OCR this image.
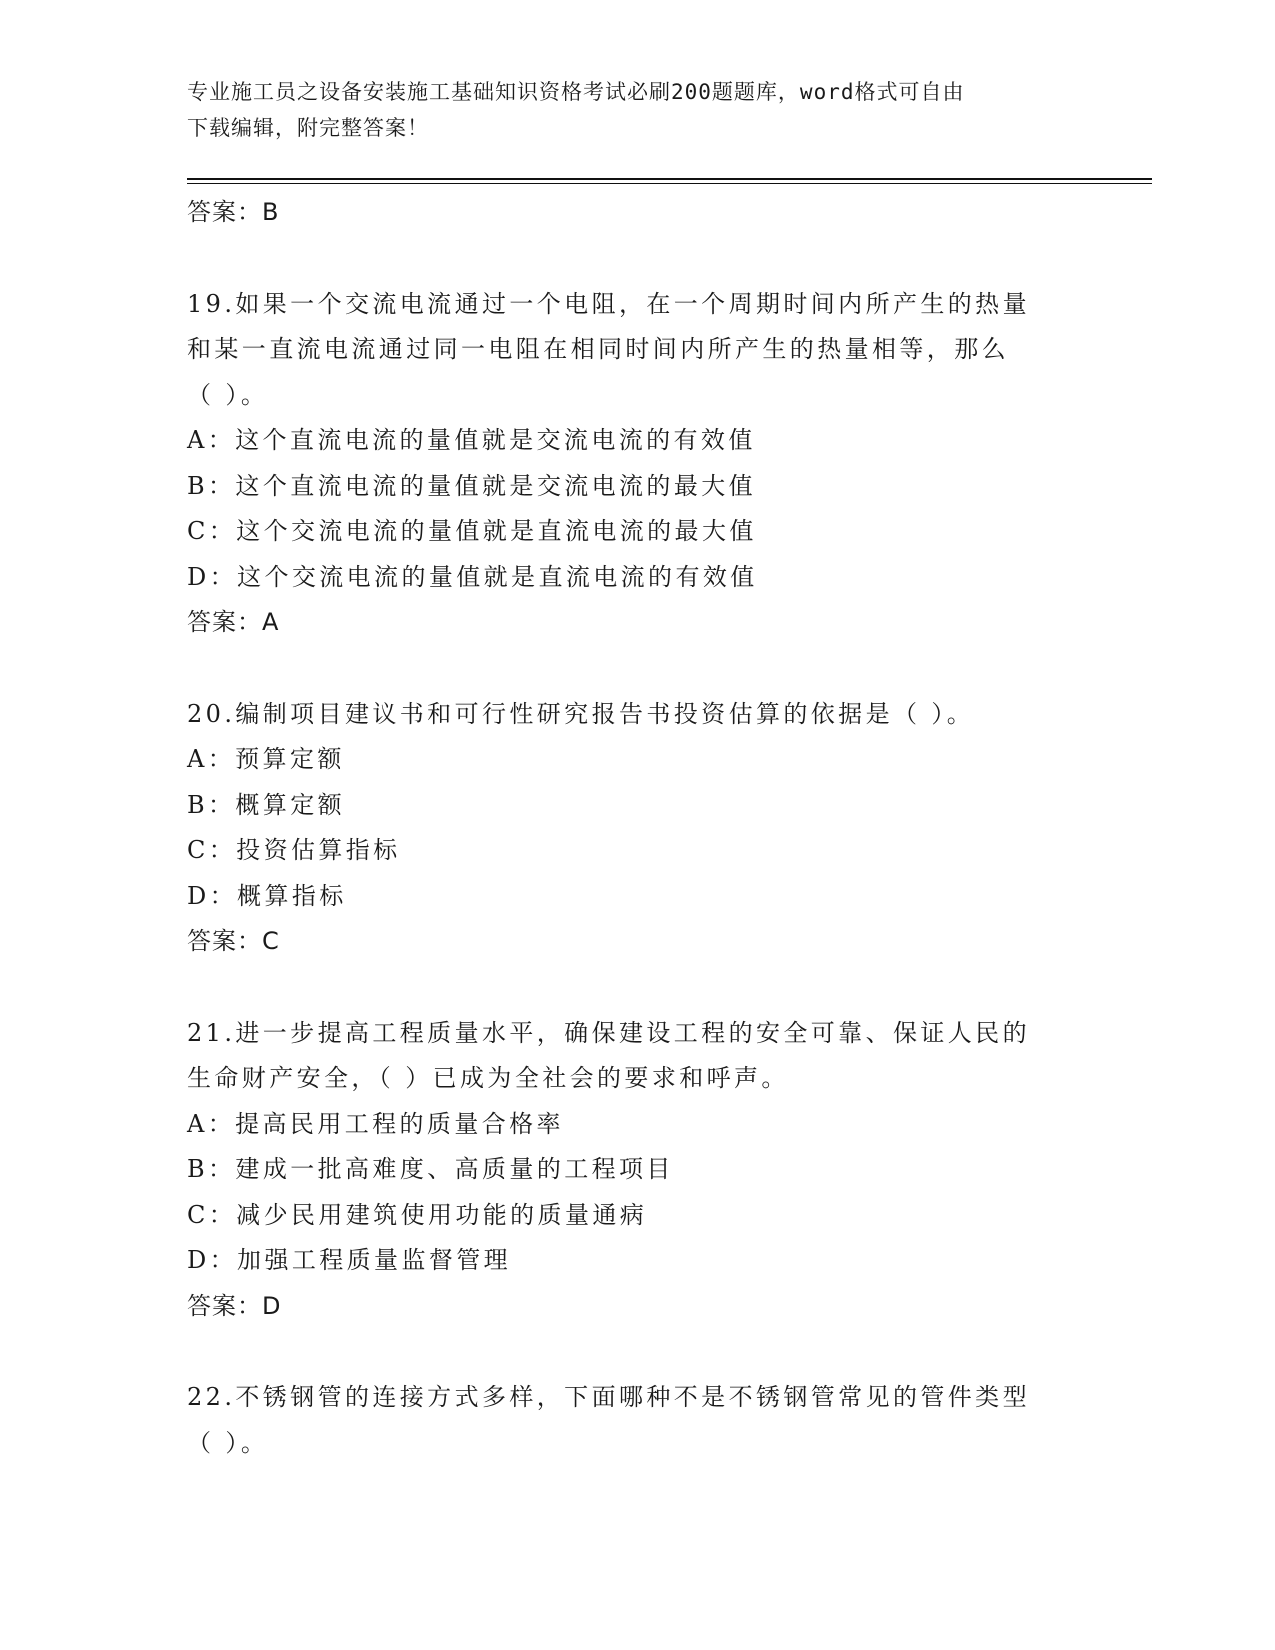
专业施工员之设备安装施工基础知识资格考试必刷200题题库，word格式可自由
下载编辑，附完整答案！
答案：B
19.如果一个交流电流通过一个电阻，在一个周期时间内所产生的热量
和某一直流电流通过同一电阻在相同时间内所产生的热量相等，那么
（ ）。
A：这个直流电流的量值就是交流电流的有效值
B：这个直流电流的量值就是交流电流的最大值
C：这个交流电流的量值就是直流电流的最大值
D：这个交流电流的量值就是直流电流的有效值
答案：A
20.编制项目建议书和可行性研究报告书投资估算的依据是（ ）。
A：预算定额
B：概算定额
C：投资估算指标
D：概算指标
答案：C
21.进一步提高工程质量水平，确保建设工程的安全可靠、保证人民的
生命财产安全，（ ）已成为全社会的要求和呼声。
A：提高民用工程的质量合格率
B：建成一批高难度、高质量的工程项目
C：减少民用建筑使用功能的质量通病
D：加强工程质量监督管理
答案：D
22.不锈钢管的连接方式多样，下面哪种不是不锈钢管常见的管件类型
（ ）。
